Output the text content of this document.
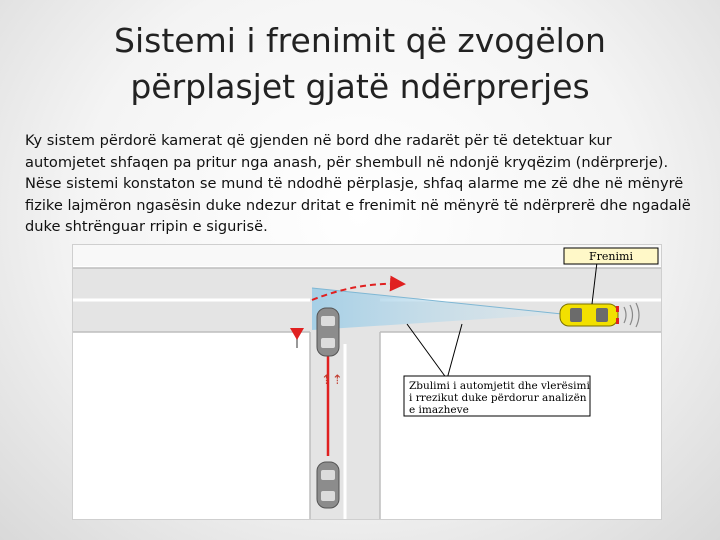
Sistemi i frenimit që zvogëlon
përplasjet gjatë ndërprerjes
Ky sistem përdorë kamerat që gjenden në bord dhe radarët për të detektuar kur
automjetet shfaqen pa pritur nga anash, për shembull në ndonjë kryqëzim (ndërprerje).
Nëse sistemi konstaton se mund të ndodhë përplasje, shfaq alarme me zë dhe në mënyrë
fizike lajmëron ngasësin duke ndezur dritat e frenimit në mënyrë të ndërprerë dhe ngadalë
duke shtrënguar rripin e sigurisë.
⇡⇡
Frenimi
Zbulimi i automjetit dhe vlerësimi
i rrezikut duke përdorur analizën
e imazheve
